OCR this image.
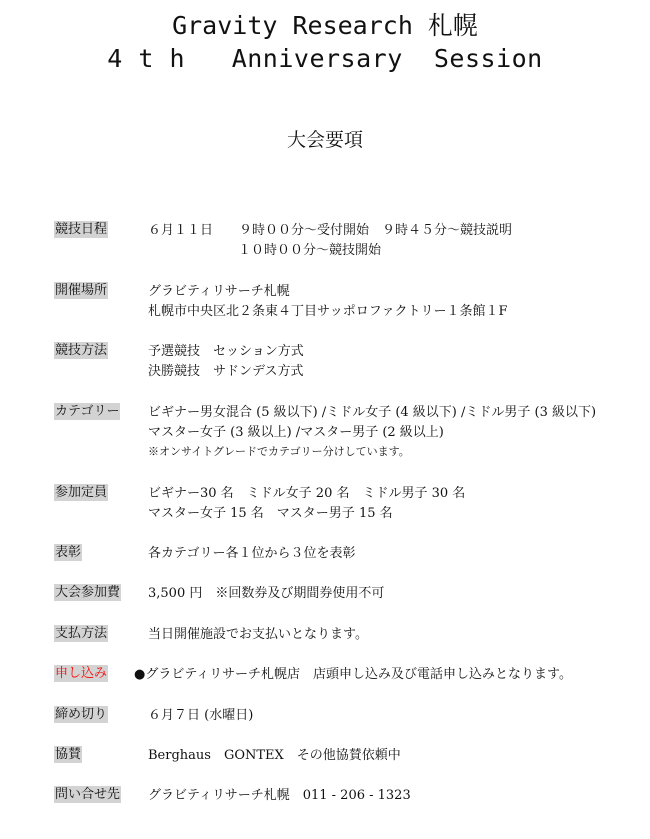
Gravity Research 札幌
4 t h   Anniversary  Session
大会要項
競技日程	６月１１日　　９時００分～受付開始　９時４５分～競技説明
１０時００分～競技開始
開催場所	グラビティリサーチ札幌
札幌市中央区北２条東４丁目サッポロファクトリー１条館１F
競技方法	予選競技　セッション方式
決勝競技　サドンデス方式
カテゴリー ビギナー男女混合 (5 級以下) /ミドル女子 (4 級以下) /ミドル男子 (3 級以下)
マスター女子 (3 級以上) /マスター男子 (2 級以上)
※オンサイトグレードでカテゴリー分けしています。
参加定員	ビギナー30 名　ミドル女子 20 名　ミドル男子 30 名
マスター女子 15 名　マスター男子 15 名
表彰	各カテゴリー各１位から３位を表彰
大会参加費 3,500 円　※回数券及び期間券使用不可
支払方法	当日開催施設でお支払いとなります。
申し込み ●グラビティリサーチ札幌店　店頭申し込み及び電話申し込みとなります。
締め切り	６月７日 (水曜日)
協賛	Berghaus　GONTEX　その他協賛依頼中
問い合せ先 グラビティリサーチ札幌　011 - 206 - 1323
